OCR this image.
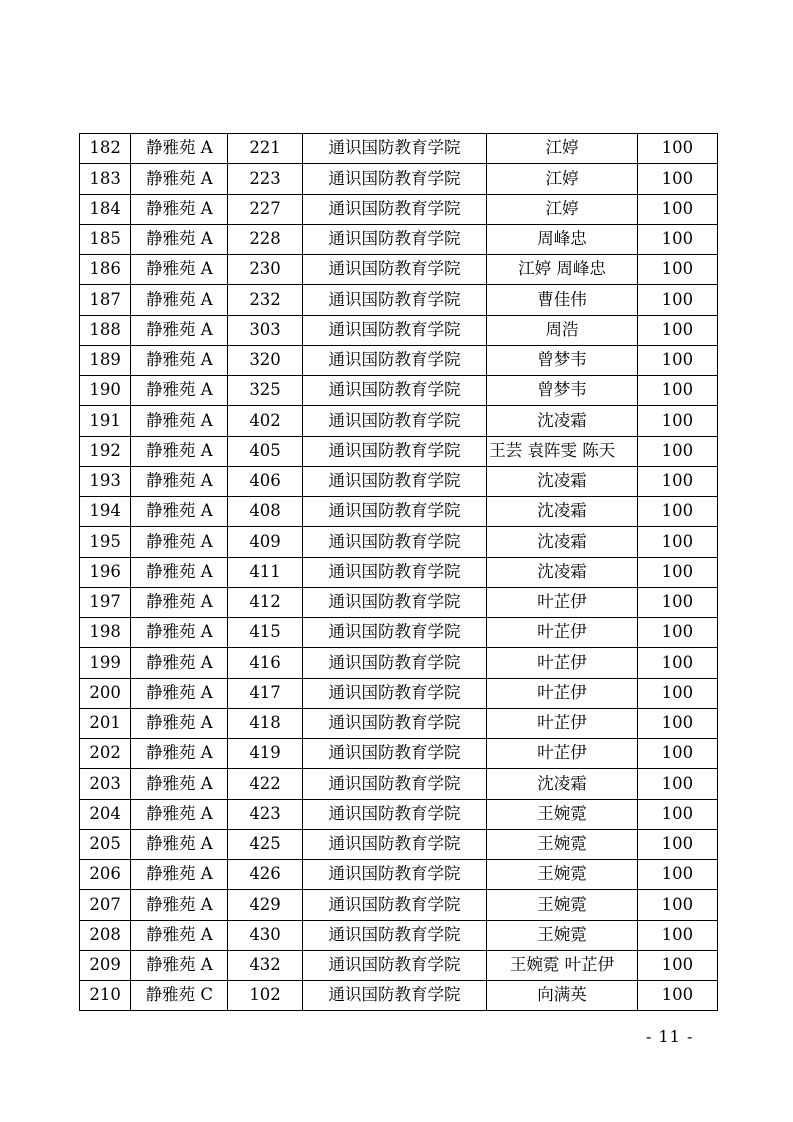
182	静雅苑 A	221	通识国防教育学院	江婷	100
183	静雅苑 A	223	通识国防教育学院	江婷	100
184	静雅苑 A	227	通识国防教育学院	江婷	100
185	静雅苑 A	228	通识国防教育学院	周峰忠	100
186	静雅苑 A	230	通识国防教育学院	江婷 周峰忠	100
187	静雅苑 A	232	通识国防教育学院	曹佳伟	100
188	静雅苑 A	303	通识国防教育学院	周浩	100
189	静雅苑 A	320	通识国防教育学院	曾梦韦	100
190	静雅苑 A	325	通识国防教育学院	曾梦韦	100
191	静雅苑 A	402	通识国防教育学院	沈凌霜	100
192	静雅苑 A	405	通识国防教育学院	王芸 袁阵雯 陈天	100
193	静雅苑 A	406	通识国防教育学院	沈凌霜	100
194	静雅苑 A	408	通识国防教育学院	沈凌霜	100
195	静雅苑 A	409	通识国防教育学院	沈凌霜	100
196	静雅苑 A	411	通识国防教育学院	沈凌霜	100
197	静雅苑 A	412	通识国防教育学院	叶芷伊	100
198	静雅苑 A	415	通识国防教育学院	叶芷伊	100
199	静雅苑 A	416	通识国防教育学院	叶芷伊	100
200	静雅苑 A	417	通识国防教育学院	叶芷伊	100
201	静雅苑 A	418	通识国防教育学院	叶芷伊	100
202	静雅苑 A	419	通识国防教育学院	叶芷伊	100
203	静雅苑 A	422	通识国防教育学院	沈凌霜	100
204	静雅苑 A	423	通识国防教育学院	王婉霓	100
205	静雅苑 A	425	通识国防教育学院	王婉霓	100
206	静雅苑 A	426	通识国防教育学院	王婉霓	100
207	静雅苑 A	429	通识国防教育学院	王婉霓	100
208	静雅苑 A	430	通识国防教育学院	王婉霓	100
209	静雅苑 A	432	通识国防教育学院	王婉霓 叶芷伊	100
210	静雅苑 C	102	通识国防教育学院	向满英	100
- 11 -
